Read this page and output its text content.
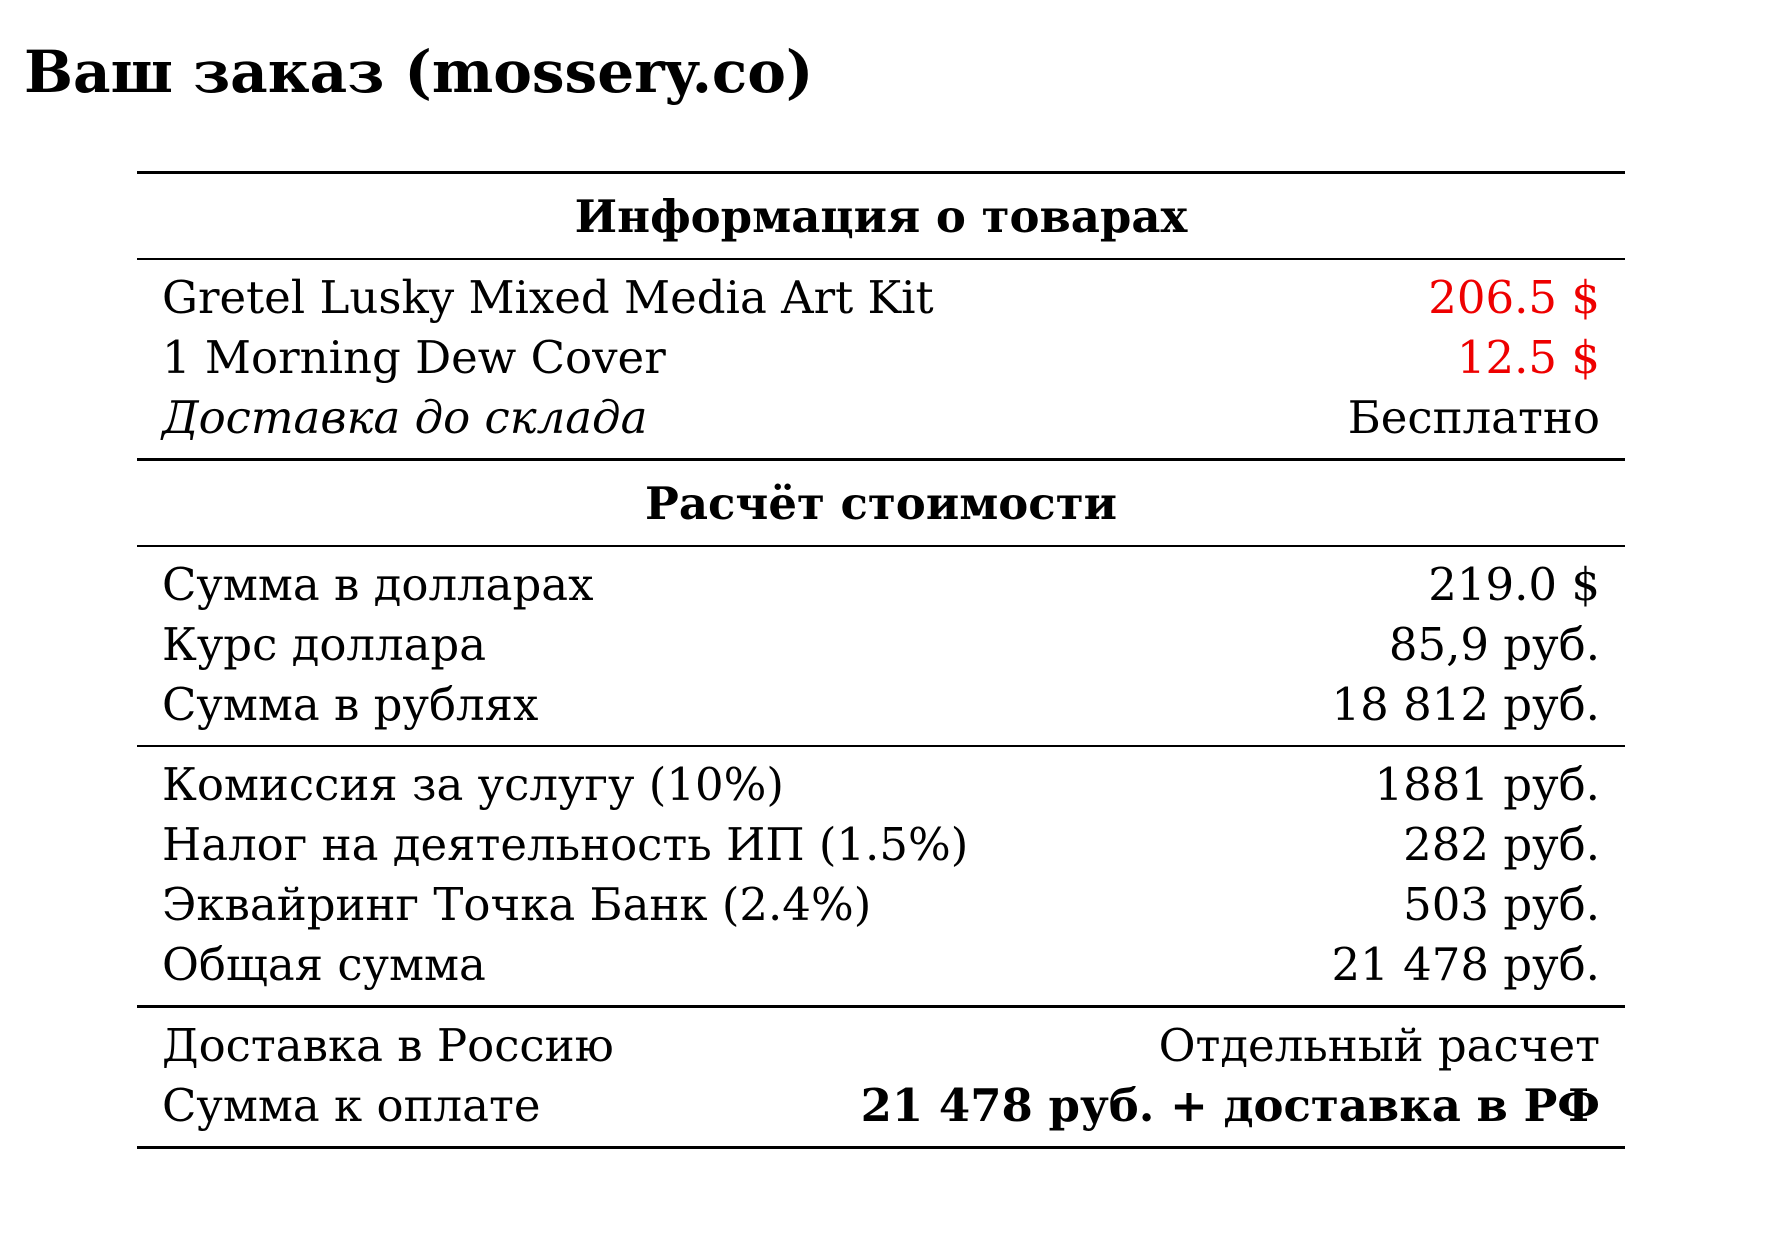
Ваш заказ (mossery.co)
Информация о товарах
Gretel Lusky Mixed Media Art Kit	206.5 $
1 Morning Dew Cover	12.5 $
Доставка до склада	Бесплатно
Расчёт стоимости
Сумма в долларах	219.0 $
Курс доллара	85,9 руб.
Сумма в рублях	18 812 руб.
Комиссия за услугу (10%)	1881 руб.
Налог на деятельность ИП (1.5%)	282 руб.
Эквайринг Точка Банк (2.4%)	503 руб.
Общая сумма	21 478 руб.
Доставка в Россию	Отдельный расчет
Сумма к оплате	21 478 руб. + доставка в РФ
